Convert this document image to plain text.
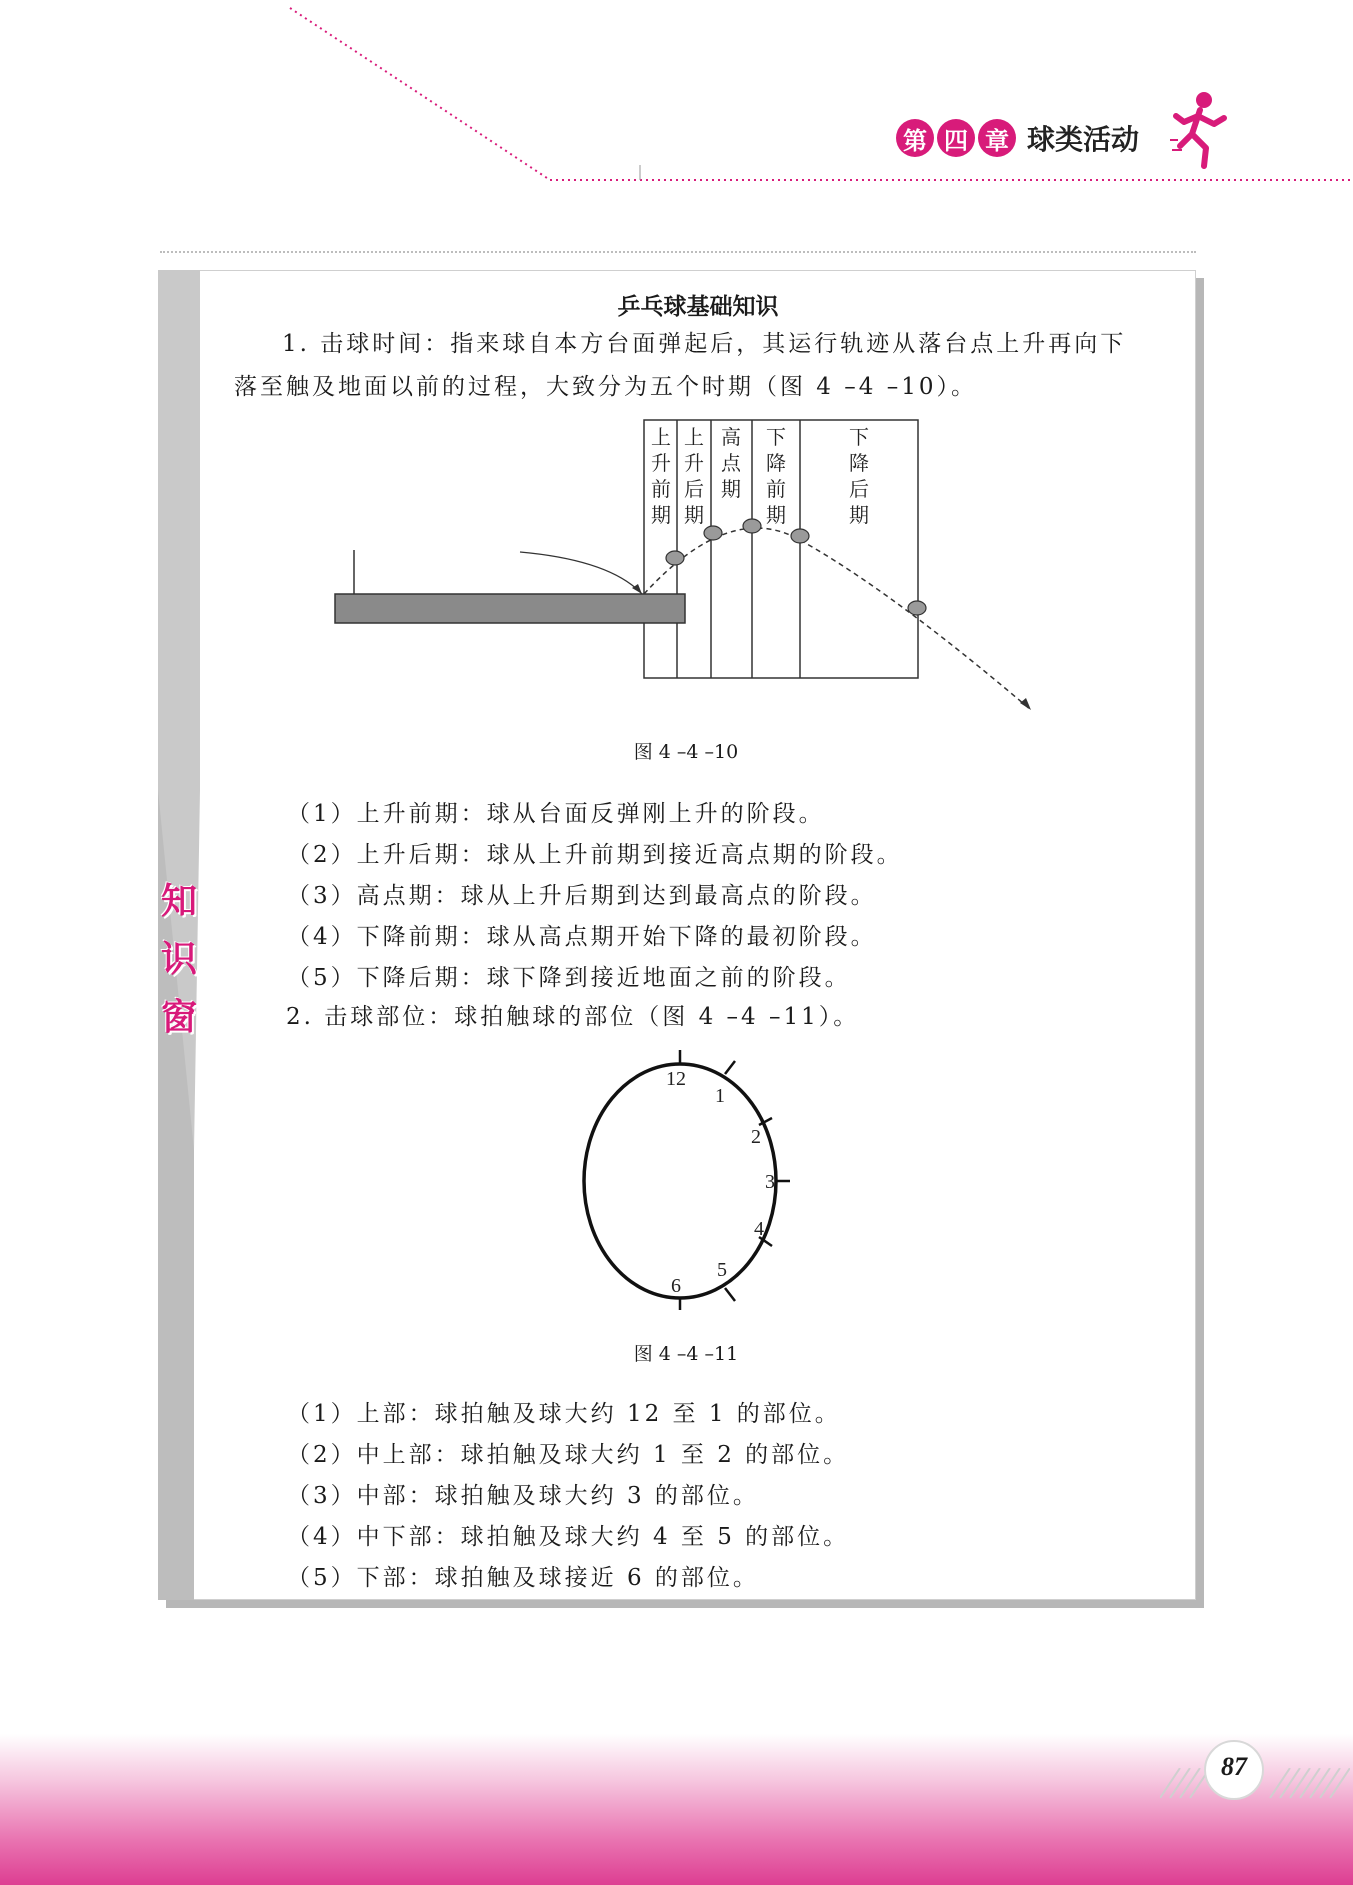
第 四 章 球类活动
知
识
窗
乒乓球基础知识
1. 击球时间：指来球自本方台面弹起后，其运行轨迹从落台点上升再向下
落至触及地面以前的过程，大致分为五个时期（图 4 –4 –10）。
上升前期
上升后期
高点期
下降前期
下降后期
图 4 –4 –10
（1）上升前期：球从台面反弹刚上升的阶段。
（2）上升后期：球从上升前期到接近高点期的阶段。
（3）高点期：球从上升后期到达到最高点的阶段。
（4）下降前期：球从高点期开始下降的最初阶段。
（5）下降后期：球下降到接近地面之前的阶段。
2. 击球部位：球拍触球的部位（图 4 –4 –11）。
12
1
2
3
4
5
6
图 4 –4 –11
（1）上部：球拍触及球大约 12 至 1 的部位。
（2）中上部：球拍触及球大约 1 至 2 的部位。
（3）中部：球拍触及球大约 3 的部位。
（4）中下部：球拍触及球大约 4 至 5 的部位。
（5）下部：球拍触及球接近 6 的部位。
87
